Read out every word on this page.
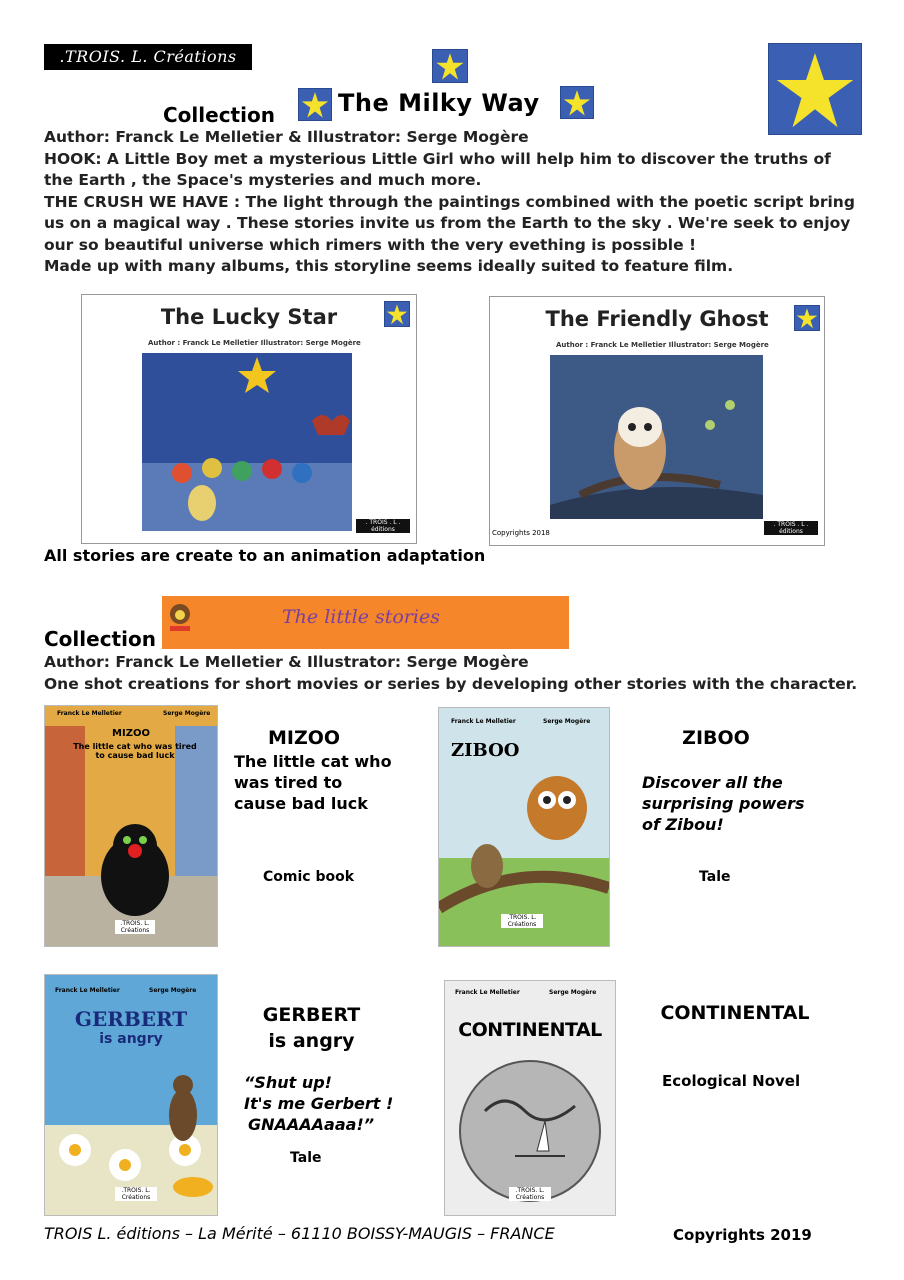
.TROIS. L. Créations
Collection	The Milky Way
Author: Franck Le Melletier & Illustrator: Serge Mogère
HOOK: A Little Boy met a mysterious Little Girl who will help him to discover the truths of the Earth , the Space's mysteries and much more.
THE CRUSH WE HAVE : The light through the paintings combined with the poetic script bring us on a magical way . These stories invite us from the Earth to the sky . We're seek to enjoy our so beautiful universe which rimers with the very evething is possible !
Made up with many albums, this storyline seems ideally suited to feature film.
The Lucky Star
Author : Franck Le Melletier Illustrator: Serge Mogère
. TROIS . L . éditions
The Friendly Ghost
Author : Franck Le Melletier Illustrator: Serge Mogère
Copyrights 2018
. TROIS . L . éditions
All stories are create to an animation adaptation
Collection
The little stories
Author: Franck Le Melletier & Illustrator: Serge Mogère
One shot creations for short movies or series by developing other stories with the character.
Franck Le Melletier	Serge Mogère
MIZOO
The little cat who was tired to cause bad luck
.TROIS. L. Créations
MIZOO
The little cat who was tired to cause bad luck
Comic book
Franck Le Melletier	Serge Mogère
ZIBOO
.TROIS. L. Créations
ZIBOO
Discover all the surprising powers of Zibou!
Tale
Franck Le Melletier	Serge Mogère
GERBERT
is angry
.TROIS. L. Créations
GERBERT
is angry
“Shut up!
It's me Gerbert !
GNAAAAaaa!”
Tale
Franck Le Melletier	Serge Mogère
CONTINENTAL
.TROIS. L. Créations
CONTINENTAL
Ecological Novel
TROIS L. éditions – La Mérité – 61110 BOISSY-MAUGIS – FRANCE	Copyrights 2019
